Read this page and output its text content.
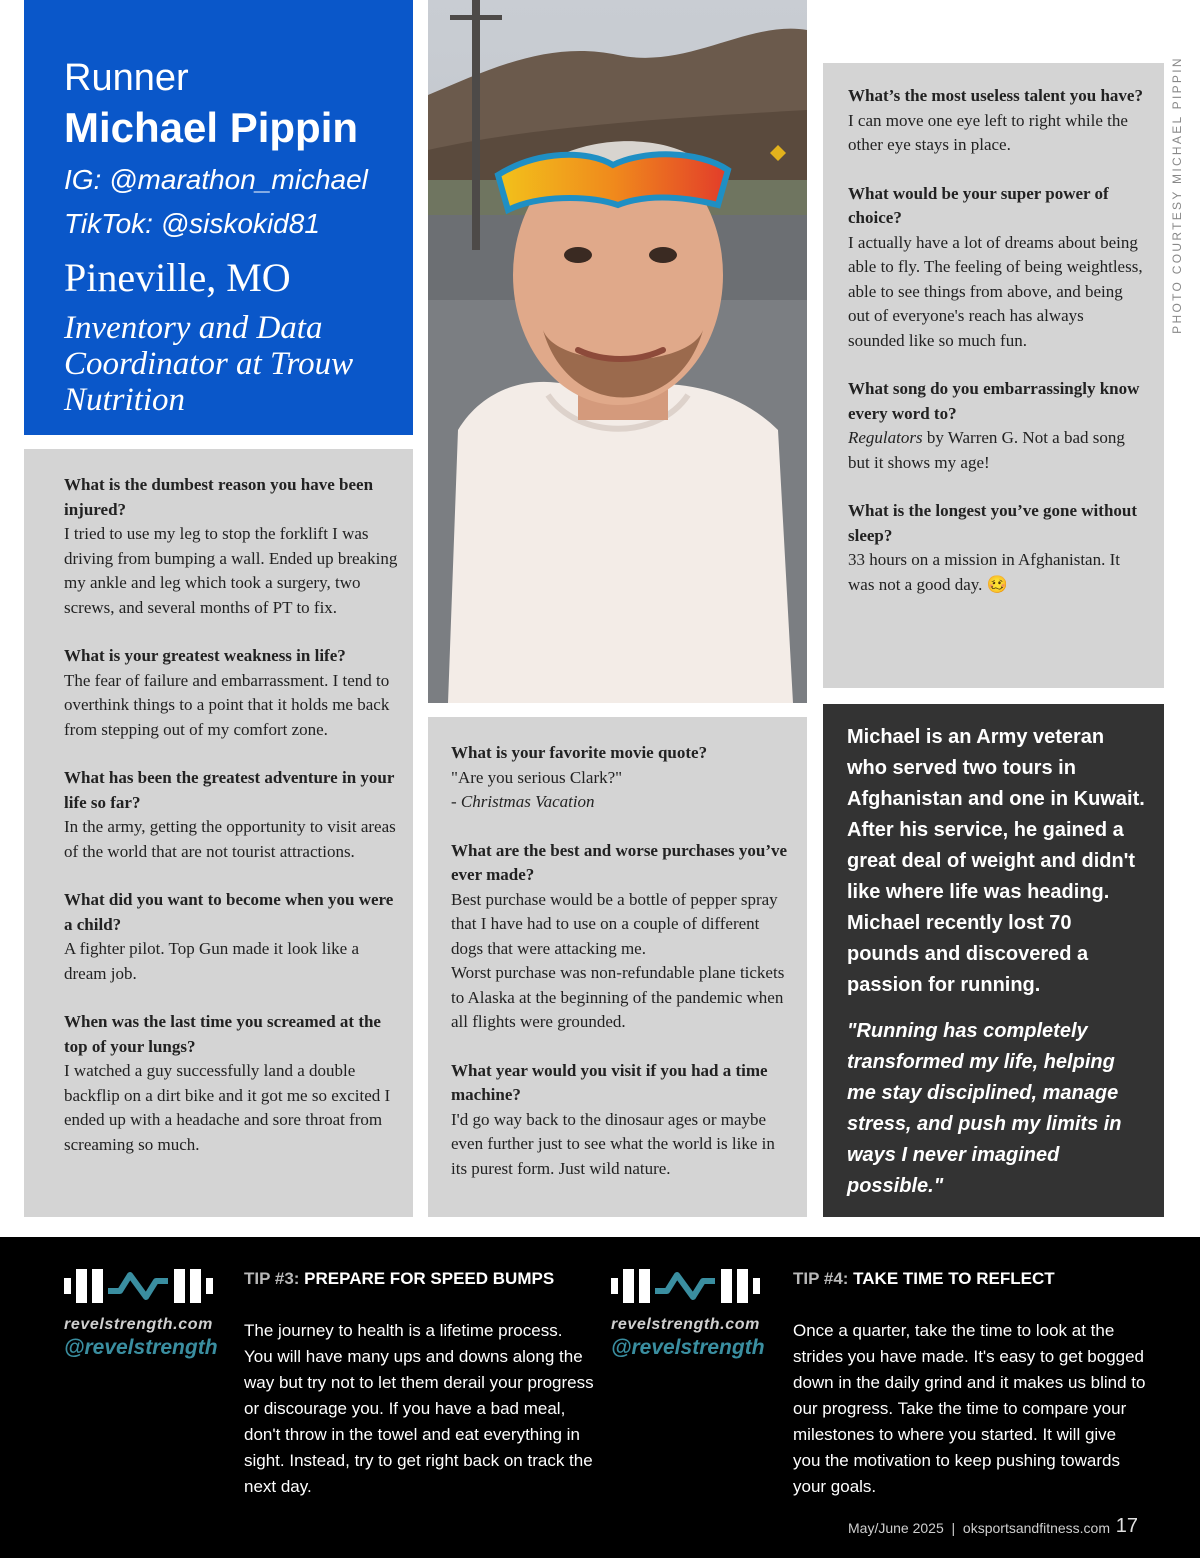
Runner

Michael Pippin

IG: @marathon_michael

TikTok: @siskokid81

Pineville, MO

Inventory and Data Coordinator at Trouw Nutrition

PHOTO COURTESY MICHAEL PIPPIN

What is the dumbest reason you have been injured?

I tried to use my leg to stop the forklift I was driving from bumping a wall. Ended up breaking my ankle and leg which took a surgery, two screws, and several months of PT to fix.

What is your greatest weakness in life?

The fear of failure and embarrassment. I tend to overthink things to a point that it holds me back from stepping out of my comfort zone.

What has been the greatest adventure in your life so far?

In the army, getting the opportunity to visit areas of the world that are not tourist attractions.

What did you want to become when you were a child?

A fighter pilot. Top Gun made it look like a dream job.

When was the last time you screamed at the top of your lungs?

I watched a guy successfully land a double backflip on a dirt bike and it got me so excited I ended up with a headache and sore throat from screaming so much.

What is your favorite movie quote?

"Are you serious Clark?"
- Christmas Vacation

What are the best and worse purchases you’ve ever made?

Best purchase would be a bottle of pepper spray that I have had to use on a couple of different dogs that were attacking me.
Worst purchase was non-refundable plane tickets to Alaska at the beginning of the pandemic when all flights were grounded.

What year would you visit if you had a time machine?

I'd go way back to the dinosaur ages or maybe even further just to see what the world is like in its purest form. Just wild nature.

What’s the most useless talent you have?

I can move one eye left to right while the other eye stays in place.

What would be your super power of choice?

I actually have a lot of dreams about being able to fly. The feeling of being weightless, able to see things from above, and being out of everyone's reach has always sounded like so much fun.

What song do you embarrassingly know every word to?

Regulators by Warren G. Not a bad song but it shows my age!

What is the longest you’ve gone without sleep?

33 hours on a mission in Afghanistan. It was not a good day. 🥴

Michael is an Army veteran who served two tours in Afghanistan and one in Kuwait. After his service, he gained a great deal of weight and didn't like where life was heading. Michael recently lost 70 pounds and discovered a passion for running.

"Running has completely transformed my life, helping me stay disciplined, manage stress, and push my limits in ways I never imagined possible."

revelstrength.com
@revelstrength
TIP #3: PREPARE FOR SPEED BUMPS

The journey to health is a lifetime process. You will have many ups and downs along the way but try not to let them derail your progress or discourage you. If you have a bad meal, don't throw in the towel and eat everything in sight. Instead, try to get right back on track the next day.

revelstrength.com
@revelstrength
TIP #4: TAKE TIME TO REFLECT

Once a quarter, take the time to look at the strides you have made. It's easy to get bogged down in the daily grind and it makes us blind to our progress. Take the time to compare your milestones to where you started. It will give you the motivation to keep pushing towards your goals.

May/June 2025  |  oksportsandfitness.com 17
